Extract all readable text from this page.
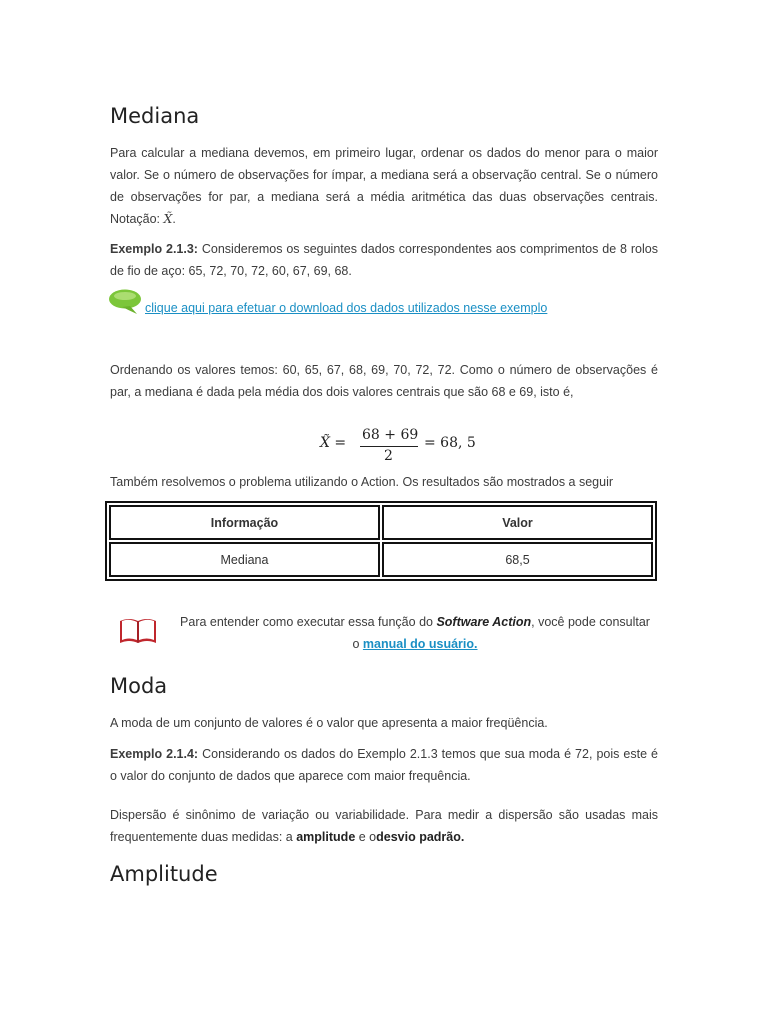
Mediana

Para calcular a mediana devemos, em primeiro lugar, ordenar os dados do menor para o maior valor. Se o número de observações for ímpar, a mediana será a observação central. Se o número de observações for par, a mediana será a média aritmética das duas observações centrais. Notação: X̃.

Exemplo 2.1.3: Consideremos os seguintes dados correspondentes aos comprimentos de 8 rolos de fio de aço: 65, 72, 70, 72, 60, 67, 69, 68.

clique aqui para efetuar o download dos dados utilizados nesse exemplo

Ordenando os valores temos: 60, 65, 67, 68, 69, 70, 72, 72. Como o número de observações é par, a mediana é dada pela média dos dois valores centrais que são 68 e 69, isto é,

X̃ = 68 + 69
2
= 68, 5

Também resolvemos o problema utilizando o Action. Os resultados são mostrados a seguir

Informação	Valor
Mediana	68,5
Para entender como executar essa função do Software Action, você pode consultar o manual do usuário.
Moda

A moda de um conjunto de valores é o valor que apresenta a maior freqüência.

Exemplo 2.1.4: Considerando os dados do Exemplo 2.1.3 temos que sua moda é 72, pois este é o valor do conjunto de dados que aparece com maior frequência.

Dispersão é sinônimo de variação ou variabilidade. Para medir a dispersão são usadas mais frequentemente duas medidas: a amplitude e odesvio padrão.

Amplitude
